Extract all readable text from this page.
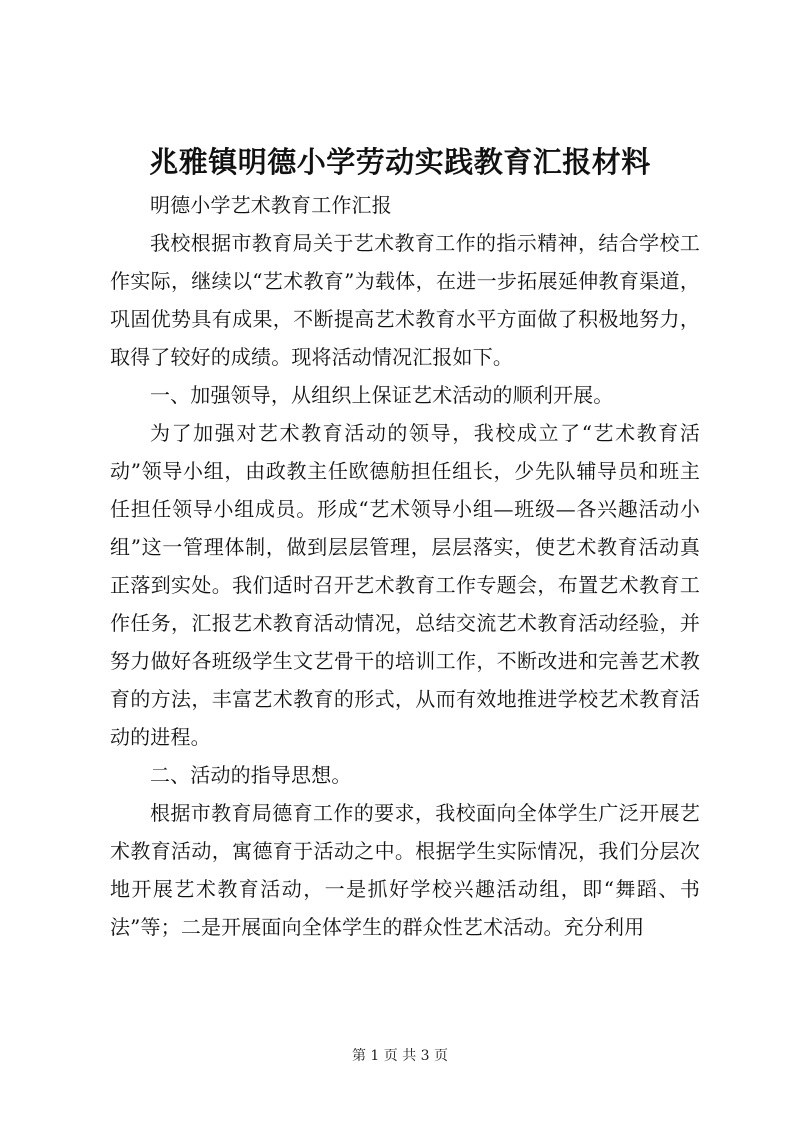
兆雅镇明德小学劳动实践教育汇报材料

明德小学艺术教育工作汇报

我校根据市教育局关于艺术教育工作的指示精神，结合学校工作实际，继续以“艺术教育”为载体，在进一步拓展延伸教育渠道，巩固优势具有成果，不断提高艺术教育水平方面做了积极地努力，取得了较好的成绩。现将活动情况汇报如下。

一、加强领导，从组织上保证艺术活动的顺利开展。

为了加强对艺术教育活动的领导，我校成立了“艺术教育活动”领导小组，由政教主任欧德舫担任组长，少先队辅导员和班主任担任领导小组成员。形成“艺术领导小组—班级—各兴趣活动小组”这一管理体制，做到层层管理，层层落实，使艺术教育活动真正落到实处。我们适时召开艺术教育工作专题会，布置艺术教育工作任务，汇报艺术教育活动情况，总结交流艺术教育活动经验，并努力做好各班级学生文艺骨干的培训工作，不断改进和完善艺术教育的方法，丰富艺术教育的形式，从而有效地推进学校艺术教育活动的进程。

二、活动的指导思想。

根据市教育局德育工作的要求，我校面向全体学生广泛开展艺术教育活动，寓德育于活动之中。根据学生实际情况，我们分层次地开展艺术教育活动，一是抓好学校兴趣活动组，即“舞蹈、书法”等；二是开展面向全体学生的群众性艺术活动。充分利用

第 1 页 共 3 页
